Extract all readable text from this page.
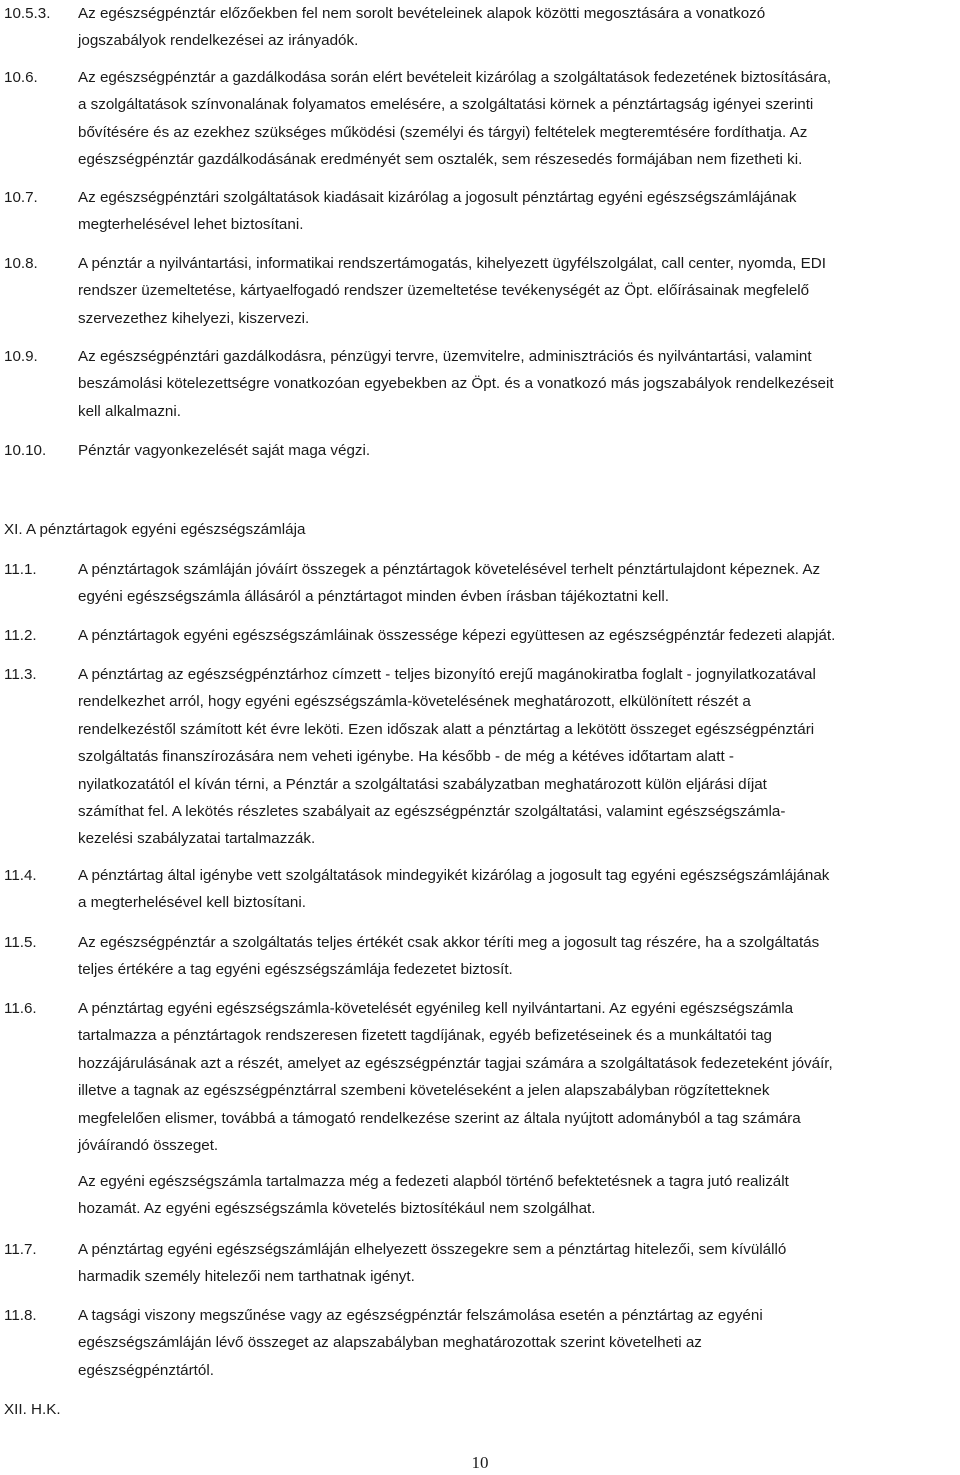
10.5.3.	Az egészségpénztár előzőekben fel nem sorolt bevételeinek alapok közötti megosztására a vonatkozó
jogszabályok rendelkezései az irányadók.
10.6.	Az egészségpénztár a gazdálkodása során elért bevételeit kizárólag a szolgáltatások fedezetének biztosítására,
a szolgáltatások színvonalának folyamatos emelésére, a szolgáltatási körnek a pénztártagság igényei szerinti
bővítésére és az ezekhez szükséges működési (személyi és tárgyi) feltételek megteremtésére fordíthatja. Az
egészségpénztár gazdálkodásának eredményét sem osztalék, sem részesedés formájában nem fizetheti ki.
10.7.	Az egészségpénztári szolgáltatások kiadásait kizárólag a jogosult pénztártag egyéni egészségszámlájának
megterhelésével lehet biztosítani.
10.8.	A pénztár a nyilvántartási, informatikai rendszertámogatás, kihelyezett ügyfélszolgálat, call center, nyomda, EDI
rendszer üzemeltetése, kártyaelfogadó rendszer üzemeltetése tevékenységét az Öpt. előírásainak megfelelő
szervezethez kihelyezi, kiszervezi.
10.9.	Az egészségpénztári gazdálkodásra, pénzügyi tervre, üzemvitelre, adminisztrációs és nyilvántartási, valamint
beszámolási kötelezettségre vonatkozóan egyebekben az Öpt. és a vonatkozó más jogszabályok rendelkezéseit
kell alkalmazni.
10.10.	Pénztár vagyonkezelését saját maga végzi.
XI. A pénztártagok egyéni egészségszámlája
11.1.	A pénztártagok számláján jóváírt összegek a pénztártagok követelésével terhelt pénztártulajdont képeznek. Az
egyéni egészségszámla állásáról a pénztártagot minden évben írásban tájékoztatni kell.
11.2.	A pénztártagok egyéni egészségszámláinak összessége képezi együttesen az egészségpénztár fedezeti alapját.
11.3.	A pénztártag az egészségpénztárhoz címzett - teljes bizonyító erejű magánokiratba foglalt - jognyilatkozatával
rendelkezhet arról, hogy egyéni egészségszámla-követelésének meghatározott, elkülönített részét a
rendelkezéstől számított két évre leköti. Ezen időszak alatt a pénztártag a lekötött összeget egészségpénztári
szolgáltatás finanszírozására nem veheti igénybe. Ha később - de még a kétéves időtartam alatt -
nyilatkozatától el kíván térni, a Pénztár a szolgáltatási szabályzatban meghatározott külön eljárási díjat
számíthat fel. A lekötés részletes szabályait az egészségpénztár szolgáltatási, valamint egészségszámla-
kezelési szabályzatai tartalmazzák.
11.4.	A pénztártag által igénybe vett szolgáltatások mindegyikét kizárólag a jogosult tag egyéni egészségszámlájának
a megterhelésével kell biztosítani.
11.5.	Az egészségpénztár a szolgáltatás teljes értékét csak akkor téríti meg a jogosult tag részére, ha a szolgáltatás
teljes értékére a tag egyéni egészségszámlája fedezetet biztosít.
11.6.	A pénztártag egyéni egészségszámla-követelését egyénileg kell nyilvántartani. Az egyéni egészségszámla
tartalmazza a pénztártagok rendszeresen fizetett tagdíjának, egyéb befizetéseinek és a munkáltatói tag
hozzájárulásának azt a részét, amelyet az egészségpénztár tagjai számára a szolgáltatások fedezeteként jóváír,
illetve a tagnak az egészségpénztárral szembeni követeléseként a jelen alapszabályban rögzítetteknek
megfelelően elismer, továbbá a támogató rendelkezése szerint az általa nyújtott adományból a tag számára
jóváírandó összeget.
Az egyéni egészségszámla tartalmazza még a fedezeti alapból történő befektetésnek a tagra jutó realizált
hozamát. Az egyéni egészségszámla követelés biztosítékául nem szolgálhat.
11.7.	A pénztártag egyéni egészségszámláján elhelyezett összegekre sem a pénztártag hitelezői, sem kívülálló
harmadik személy hitelezői nem tarthatnak igényt.
11.8.	A tagsági viszony megszűnése vagy az egészségpénztár felszámolása esetén a pénztártag az egyéni
egészségszámláján lévő összeget az alapszabályban meghatározottak szerint követelheti az
egészségpénztártól.
XII. H.K.
10
